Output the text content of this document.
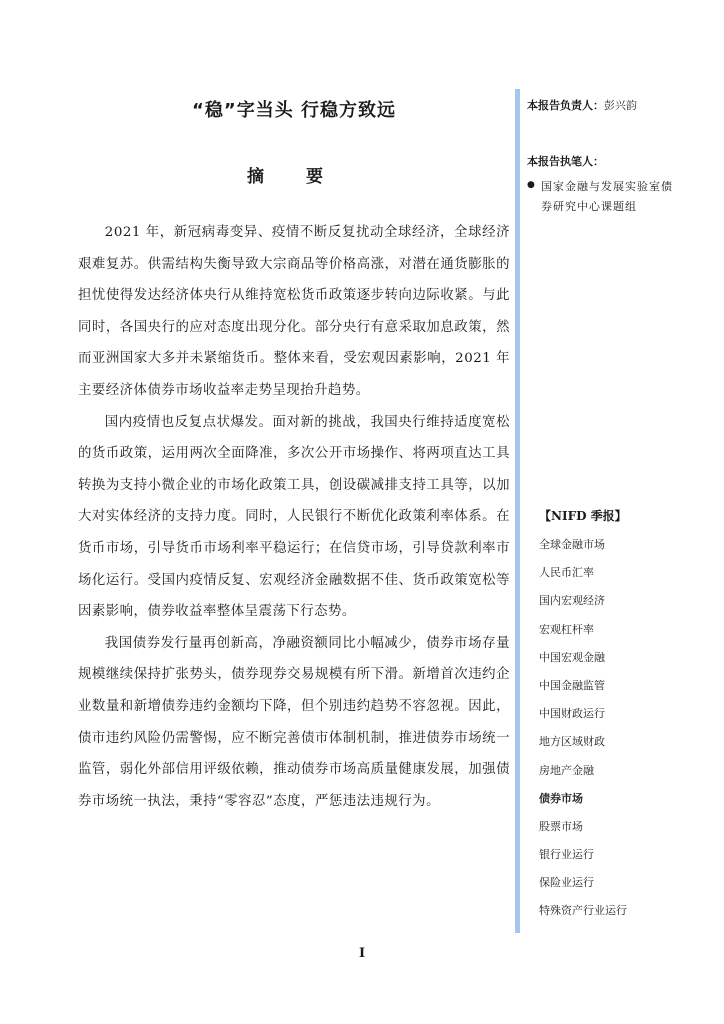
“稳”字当头 行稳方致远
摘 要

2021 年，新冠病毒变异、疫情不断反复扰动全球经济，全球经济艰难复苏。供需结构失衡导致大宗商品等价格高涨，对潜在通货膨胀的担忧使得发达经济体央行从维持宽松货币政策逐步转向边际收紧。与此同时，各国央行的应对态度出现分化。部分央行有意采取加息政策，然而亚洲国家大多并未紧缩货币。整体来看，受宏观因素影响，2021 年主要经济体债券市场收益率走势呈现抬升趋势。

国内疫情也反复点状爆发。面对新的挑战，我国央行维持适度宽松的货币政策，运用两次全面降准，多次公开市场操作、将两项直达工具转换为支持小微企业的市场化政策工具，创设碳减排支持工具等，以加大对实体经济的支持力度。同时，人民银行不断优化政策利率体系。在货币市场，引导货币市场利率平稳运行；在信贷市场，引导贷款利率市场化运行。受国内疫情反复、宏观经济金融数据不佳、货币政策宽松等因素影响，债券收益率整体呈震荡下行态势。

我国债券发行量再创新高，净融资额同比小幅减少，债券市场存量规模继续保持扩张势头，债券现券交易规模有所下滑。新增首次违约企业数量和新增债券违约金额均下降，但个别违约趋势不容忽视。因此，债市违约风险仍需警惕，应不断完善债市体制机制，推进债券市场统一监管，弱化外部信用评级依赖，推动债券市场高质量健康发展，加强债券市场统一执法，秉持“零容忍”态度，严惩违法违规行为。

本报告负责人：彭兴韵

本报告执笔人：
● 国家金融与发展实验室债券研究中心课题组
【NIFD 季报】
全球金融市场
人民币汇率
国内宏观经济
宏观杠杆率
中国宏观金融
中国金融监管
中国财政运行
地方区域财政
房地产金融
债券市场
股票市场
银行业运行
保险业运行
特殊资产行业运行
I
